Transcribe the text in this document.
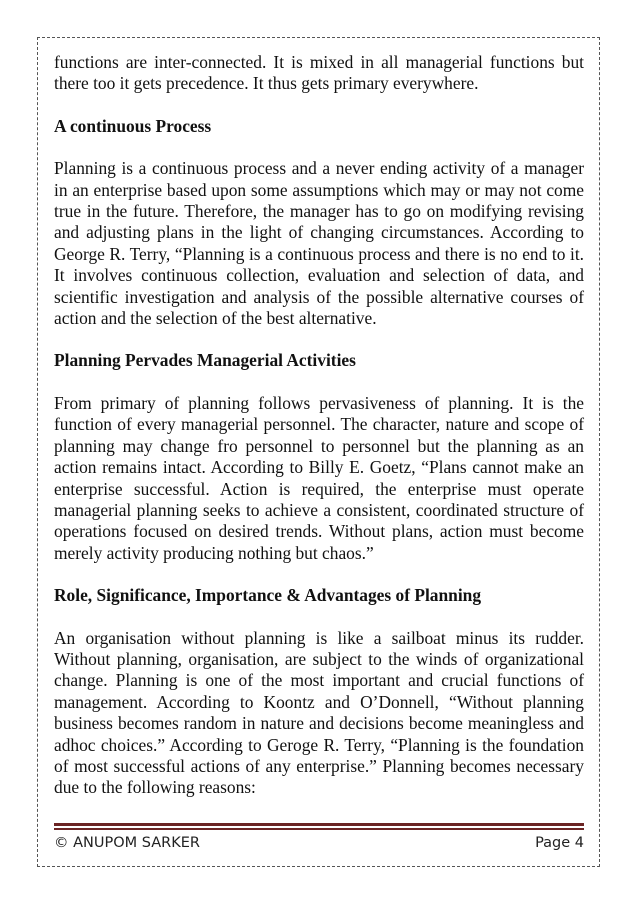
functions are inter-connected. It is mixed in all managerial functions but there too it gets precedence. It thus gets primary everywhere.

A continuous Process

Planning is a continuous process and a never ending activity of a manager in an enterprise based upon some assumptions which may or may not come true in the future. Therefore, the manager has to go on modifying revising and adjusting plans in the light of changing circumstances. According to George R. Terry, “Planning is a continuous process and there is no end to it. It involves continuous collection, evaluation and selection of data, and scientific investigation and analysis of the possible alternative courses of action and the selection of the best alternative.

Planning Pervades Managerial Activities

From primary of planning follows pervasiveness of planning. It is the function of every managerial personnel. The character, nature and scope of planning may change fro personnel to personnel but the planning as an action remains intact. According to Billy E. Goetz, “Plans cannot make an enterprise successful. Action is required, the enterprise must operate managerial planning seeks to achieve a consistent, coordinated structure of operations focused on desired trends. Without plans, action must become merely activity producing nothing but chaos.”

Role, Significance, Importance & Advantages of Planning

An organisation without planning is like a sailboat minus its rudder. Without planning, organisation, are subject to the winds of organizational change. Planning is one of the most important and crucial functions of management. According to Koontz and O’Donnell, “Without planning business becomes random in nature and decisions become meaningless and adhoc choices.” According to Geroge R. Terry, “Planning is the foundation of most successful actions of any enterprise.” Planning becomes necessary due to the following reasons:

© ANUPOM SARKER	Page 4
